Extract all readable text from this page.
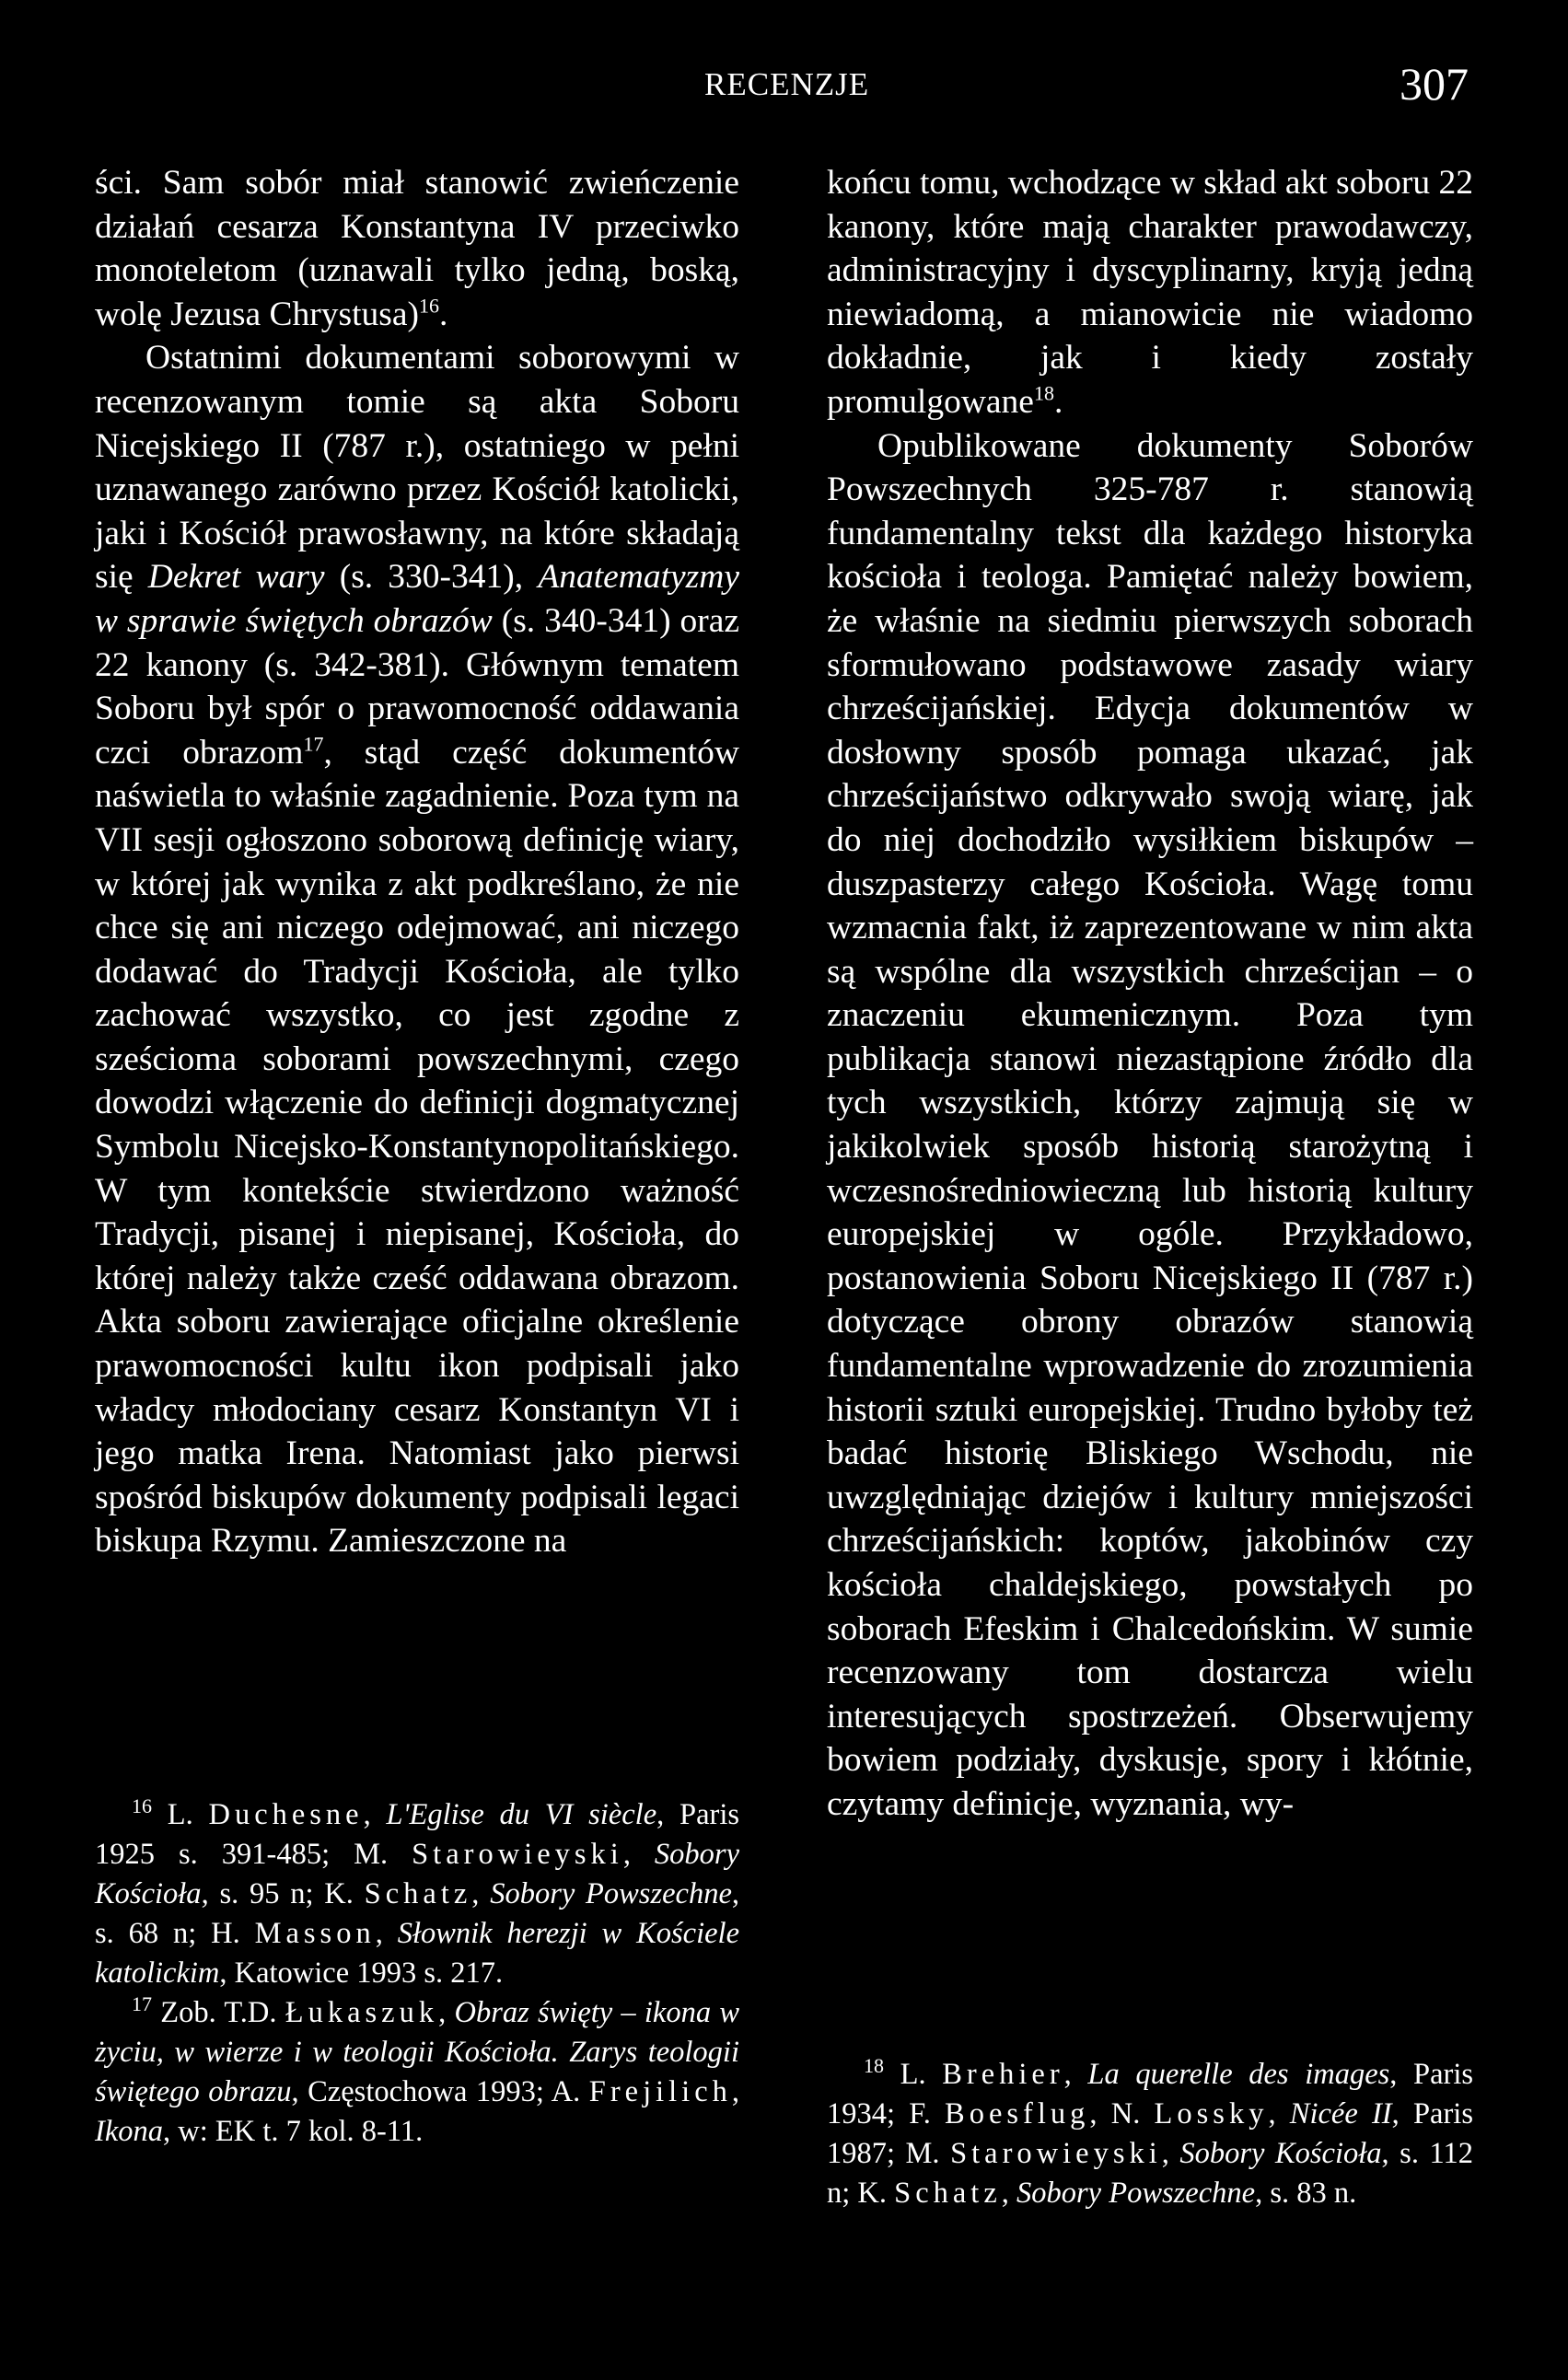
RECENZJE	307

ści. Sam sobór miał stanowić zwieńczenie działań cesarza Konstantyna IV przeciwko monoteletom (uznawali tylko jedną, boską, wolę Jezusa Chrystusa)$^{16}$.

Ostatnimi dokumentami soborowymi w recenzowanym tomie są akta Soboru Nicejskiego II (787 r.), ostatniego w pełni uznawanego zarówno przez Kościół katolicki, jaki i Kościół prawosławny, na które składają się Dekret wary (s. 330-341), Anatematyzmy w sprawie świętych obrazów (s. 340-341) oraz 22 kanony (s. 342-381). Głównym tematem Soboru był spór o prawomocność oddawania czci obrazom$^{17}$, stąd część dokumentów naświetla to właśnie zagadnienie. Poza tym na VII sesji ogłoszono soborową definicję wiary, w której jak wynika z akt podkreślano, że nie chce się ani niczego odejmować, ani niczego dodawać do Tradycji Kościoła, ale tylko zachować wszystko, co jest zgodne z sześcioma soborami powszechnymi, czego dowodzi włączenie do definicji dogmatycznej Symbolu Nicejsko-Konstantynopolitańskiego. W tym kontekście stwierdzono ważność Tradycji, pisanej i niepisanej, Kościoła, do której należy także cześć oddawana obrazom. Akta soboru zawierające oficjalne określenie prawomocności kultu ikon podpisali jako władcy młodociany cesarz Konstantyn VI i jego matka Irena. Natomiast jako pierwsi spośród biskupów dokumenty podpisali legaci biskupa Rzymu. Zamieszczone na

końcu tomu, wchodzące w skład akt soboru 22 kanony, które mają charakter prawodawczy, administracyjny i dyscyplinarny, kryją jedną niewiadomą, a mianowicie nie wiadomo dokładnie, jak i kiedy zostały promulgowane$^{18}$.

Opublikowane dokumenty Soborów Powszechnych 325-787 r. stanowią fundamentalny tekst dla każdego historyka kościoła i teologa. Pamiętać należy bowiem, że właśnie na siedmiu pierwszych soborach sformułowano podstawowe zasady wiary chrześcijańskiej. Edycja dokumentów w dosłowny sposób pomaga ukazać, jak chrześcijaństwo odkrywało swoją wiarę, jak do niej dochodziło wysiłkiem biskupów – duszpasterzy całego Kościoła. Wagę tomu wzmacnia fakt, iż zaprezentowane w nim akta są wspólne dla wszystkich chrześcijan – o znaczeniu ekumenicznym. Poza tym publikacja stanowi niezastąpione źródło dla tych wszystkich, którzy zajmują się w jakikolwiek sposób historią starożytną i wczesnośredniowieczną lub historią kultury europejskiej w ogóle. Przykładowo, postanowienia Soboru Nicejskiego II (787 r.) dotyczące obrony obrazów stanowią fundamentalne wprowadzenie do zrozumienia historii sztuki europejskiej. Trudno byłoby też badać historię Bliskiego Wschodu, nie uwzględniając dziejów i kultury mniejszości chrześcijańskich: koptów, jakobinów czy kościoła chaldejskiego, powstałych po soborach Efeskim i Chalcedońskim. W sumie recenzowany tom dostarcza wielu interesujących spostrzeżeń. Obserwujemy bowiem podziały, dyskusje, spory i kłótnie, czytamy definicje, wyznania, wy-

$^{16}$ L. Duchesne, L'Eglise du VI siècle, Paris 1925 s. 391-485; M. Starowieyski, Sobory Kościoła, s. 95 n; K. Schatz, Sobory Powszechne, s. 68 n; H. Masson, Słownik herezji w Kościele katolickim, Katowice 1993 s. 217.

$^{17}$ Zob. T.D. Łukaszuk, Obraz święty – ikona w życiu, w wierze i w teologii Kościoła. Zarys teologii świętego obrazu, Częstochowa 1993; A. Frejilich, Ikona, w: EK t. 7 kol. 8-11.

$^{18}$ L. Brehier, La querelle des images, Paris 1934; F. Boesflug, N. Lossky, Nicée II, Paris 1987; M. Starowieyski, Sobory Kościoła, s. 112 n; K. Schatz, Sobory Powszechne, s. 83 n.
